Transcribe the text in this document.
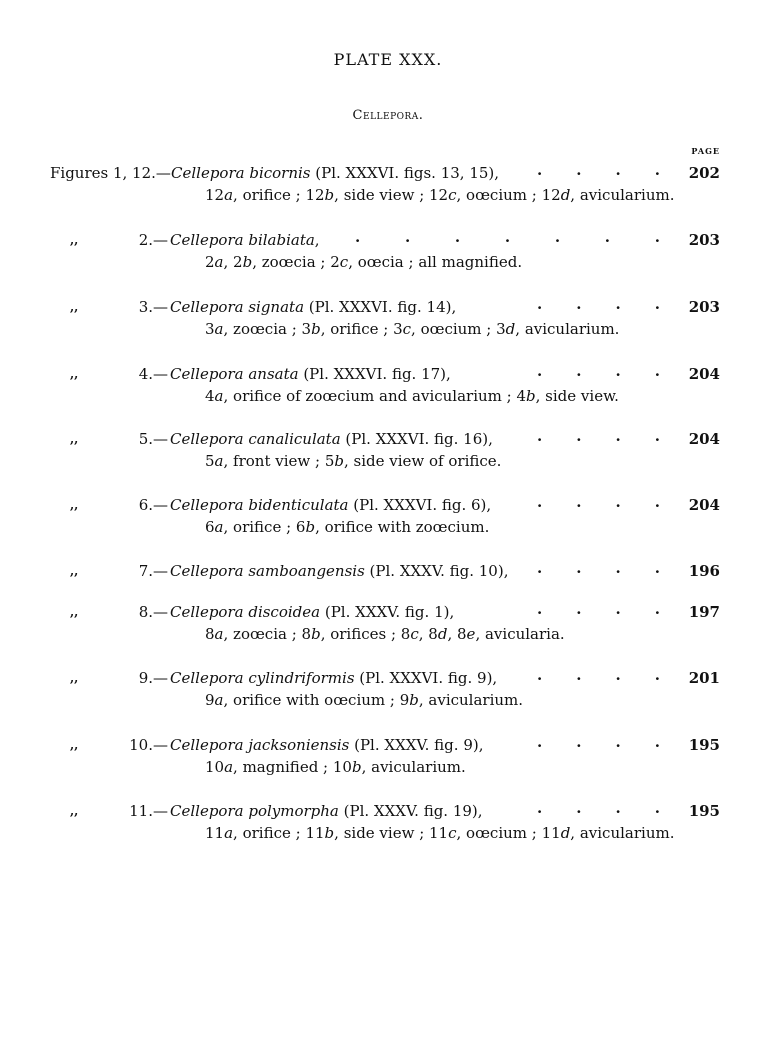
PLATE XXX.
Cellepora.
PAGE
Figures 1, 12.— Cellepora bicornis (Pl. XXXVI. figs. 13, 15),	. . . .	202
12a, orifice ; 12b, side view ; 12c, oœcium ; 12d, avicularium.
,,	2.— Cellepora bilabiata, .	.	.	.	.	.	.	203
2a, 2b, zoœcia ; 2c, oœcia ; all magnified.
,,	3.— Cellepora signata (Pl. XXXVI. fig. 14),	. . . .	203
3a, zoœcia ; 3b, orifice ; 3c, oœcium ; 3d, avicularium.
,,	4.— Cellepora ansata (Pl. XXXVI. fig. 17),	. . . .	204
4a, orifice of zoœcium and avicularium ; 4b, side view.
,,	5.— Cellepora canaliculata (Pl. XXXVI. fig. 16),	. . . .	204
5a, front view ; 5b, side view of orifice.
,,	6.— Cellepora bidenticulata (Pl. XXXVI. fig. 6),	. . . .	204
6a, orifice ; 6b, orifice with zoœcium.
,,	7.— Cellepora samboangensis (Pl. XXXV. fig. 10), . . . .	196
,,	8.— Cellepora discoidea (Pl. XXXV. fig. 1),	. . . .	197
8a, zoœcia ; 8b, orifices ; 8c, 8d, 8e, avicularia.
,,	9.— Cellepora cylindriformis (Pl. XXXVI. fig. 9),	. . . .	201
9a, orifice with oœcium ; 9b, avicularium.
,,	10.— Cellepora jacksoniensis (Pl. XXXV. fig. 9),	. . . .	195
10a, magnified ; 10b, avicularium.
,,	11.— Cellepora polymorpha (Pl. XXXV. fig. 19),	. . . .	195
11a, orifice ; 11b, side view ; 11c, oœcium ; 11d, avicularium.
